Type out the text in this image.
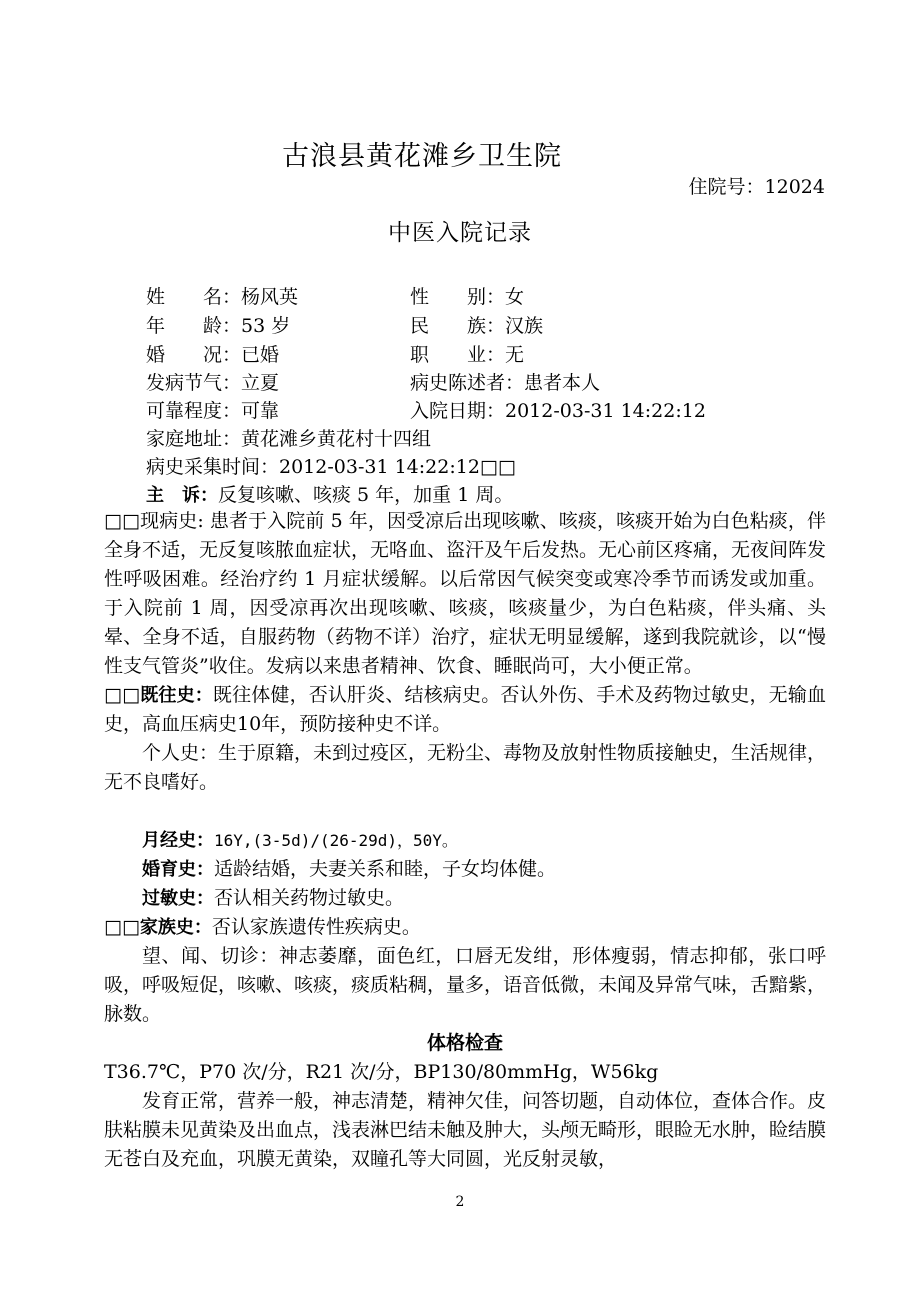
古浪县黄花滩乡卫生院
住院号：12024
中医入院记录
姓　　名：杨风英	性　　别：女
年　　龄：53 岁	民　　族：汉族
婚　　况：已婚	职　　业：无
发病节气：立夏	病史陈述者：患者本人
可靠程度：可靠	入院日期：2012-03-31 14:22:12
家庭地址：黄花滩乡黄花村十四组
病史采集时间：2012-03-31 14:22:12□□
主　诉：反复咳嗽、咳痰 5 年，加重 1 周。

□□现病史: 患者于入院前 5 年，因受凉后出现咳嗽、咳痰，咳痰开始为白色粘痰，伴全身不适，无反复咳脓血症状，无咯血、盗汗及午后发热。无心前区疼痛，无夜间阵发性呼吸困难。经治疗约 1 月症状缓解。以后常因气候突变或寒冷季节而诱发或加重。于入院前 1 周，因受凉再次出现咳嗽、咳痰，咳痰量少，为白色粘痰，伴头痛、头晕、全身不适，自服药物（药物不详）治疗，症状无明显缓解，遂到我院就诊，以“慢性支气管炎”收住。发病以来患者精神、饮食、睡眠尚可，大小便正常。

□□既往史：既往体健，否认肝炎、结核病史。否认外伤、手术及药物过敏史，无输血史，高血压病史10年，预防接种史不详。

个人史：生于原籍，未到过疫区，无粉尘、毒物及放射性物质接触史，生活规律，无不良嗜好。

月经史：16Y,(3-5d)/(26-29d)，50Y。

婚育史：适龄结婚，夫妻关系和睦，子女均体健。

过敏史：否认相关药物过敏史。

□□家族史：否认家族遗传性疾病史。

望、闻、切诊：神志萎靡，面色红，口唇无发绀，形体瘦弱，情志抑郁，张口呼吸，呼吸短促，咳嗽、咳痰，痰质粘稠，量多，语音低微，未闻及异常气味，舌黯紫，脉数。

体格检查

T36.7℃，P70 次/分，R21 次/分，BP130/80mmHg，W56kg

发育正常，营养一般，神志清楚，精神欠佳，问答切题，自动体位，查体合作。皮肤粘膜未见黄染及出血点，浅表淋巴结未触及肿大，头颅无畸形，眼睑无水肿，睑结膜无苍白及充血，巩膜无黄染，双瞳孔等大同圆，光反射灵敏，

2
